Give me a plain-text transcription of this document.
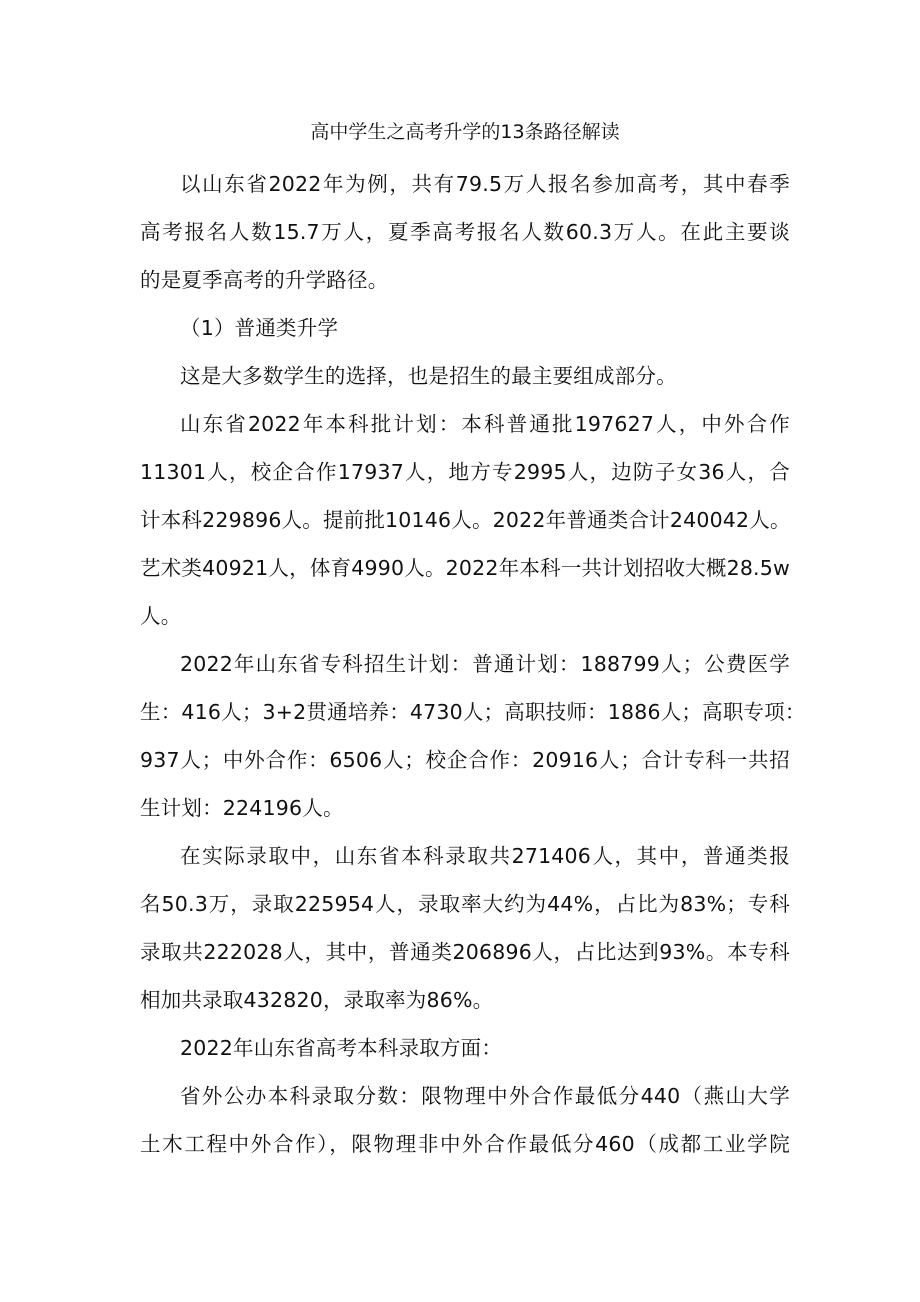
高中学生之高考升学的13条路径解读
以山东省2022年为例，共有79.5万人报名参加高考，其中春季
高考报名人数15.7万人，夏季高考报名人数60.3万人。在此主要谈
的是夏季高考的升学路径。
（1）普通类升学
这是大多数学生的选择，也是招生的最主要组成部分。
山东省2022年本科批计划：本科普通批197627人，中外合作
11301人，校企合作17937人，地方专2995人，边防子女36人，合
计本科229896人。提前批10146人。2022年普通类合计240042人。
艺术类40921人，体育4990人。2022年本科一共计划招收大概28.5w
人。
2022年山东省专科招生计划：普通计划：188799人；公费医学
生：416人；3+2贯通培养：4730人；高职技师：1886人；高职专项：
937人；中外合作：6506人；校企合作：20916人；合计专科一共招
生计划：224196人。
在实际录取中，山东省本科录取共271406人，其中，普通类报
名50.3万，录取225954人，录取率大约为44%，占比为83%；专科
录取共222028人，其中，普通类206896人，占比达到93%。本专科
相加共录取432820，录取率为86%。
2022年山东省高考本科录取方面：
省外公办本科录取分数：限物理中外合作最低分440（燕山大学
土木工程中外合作），限物理非中外合作最低分460（成都工业学院
